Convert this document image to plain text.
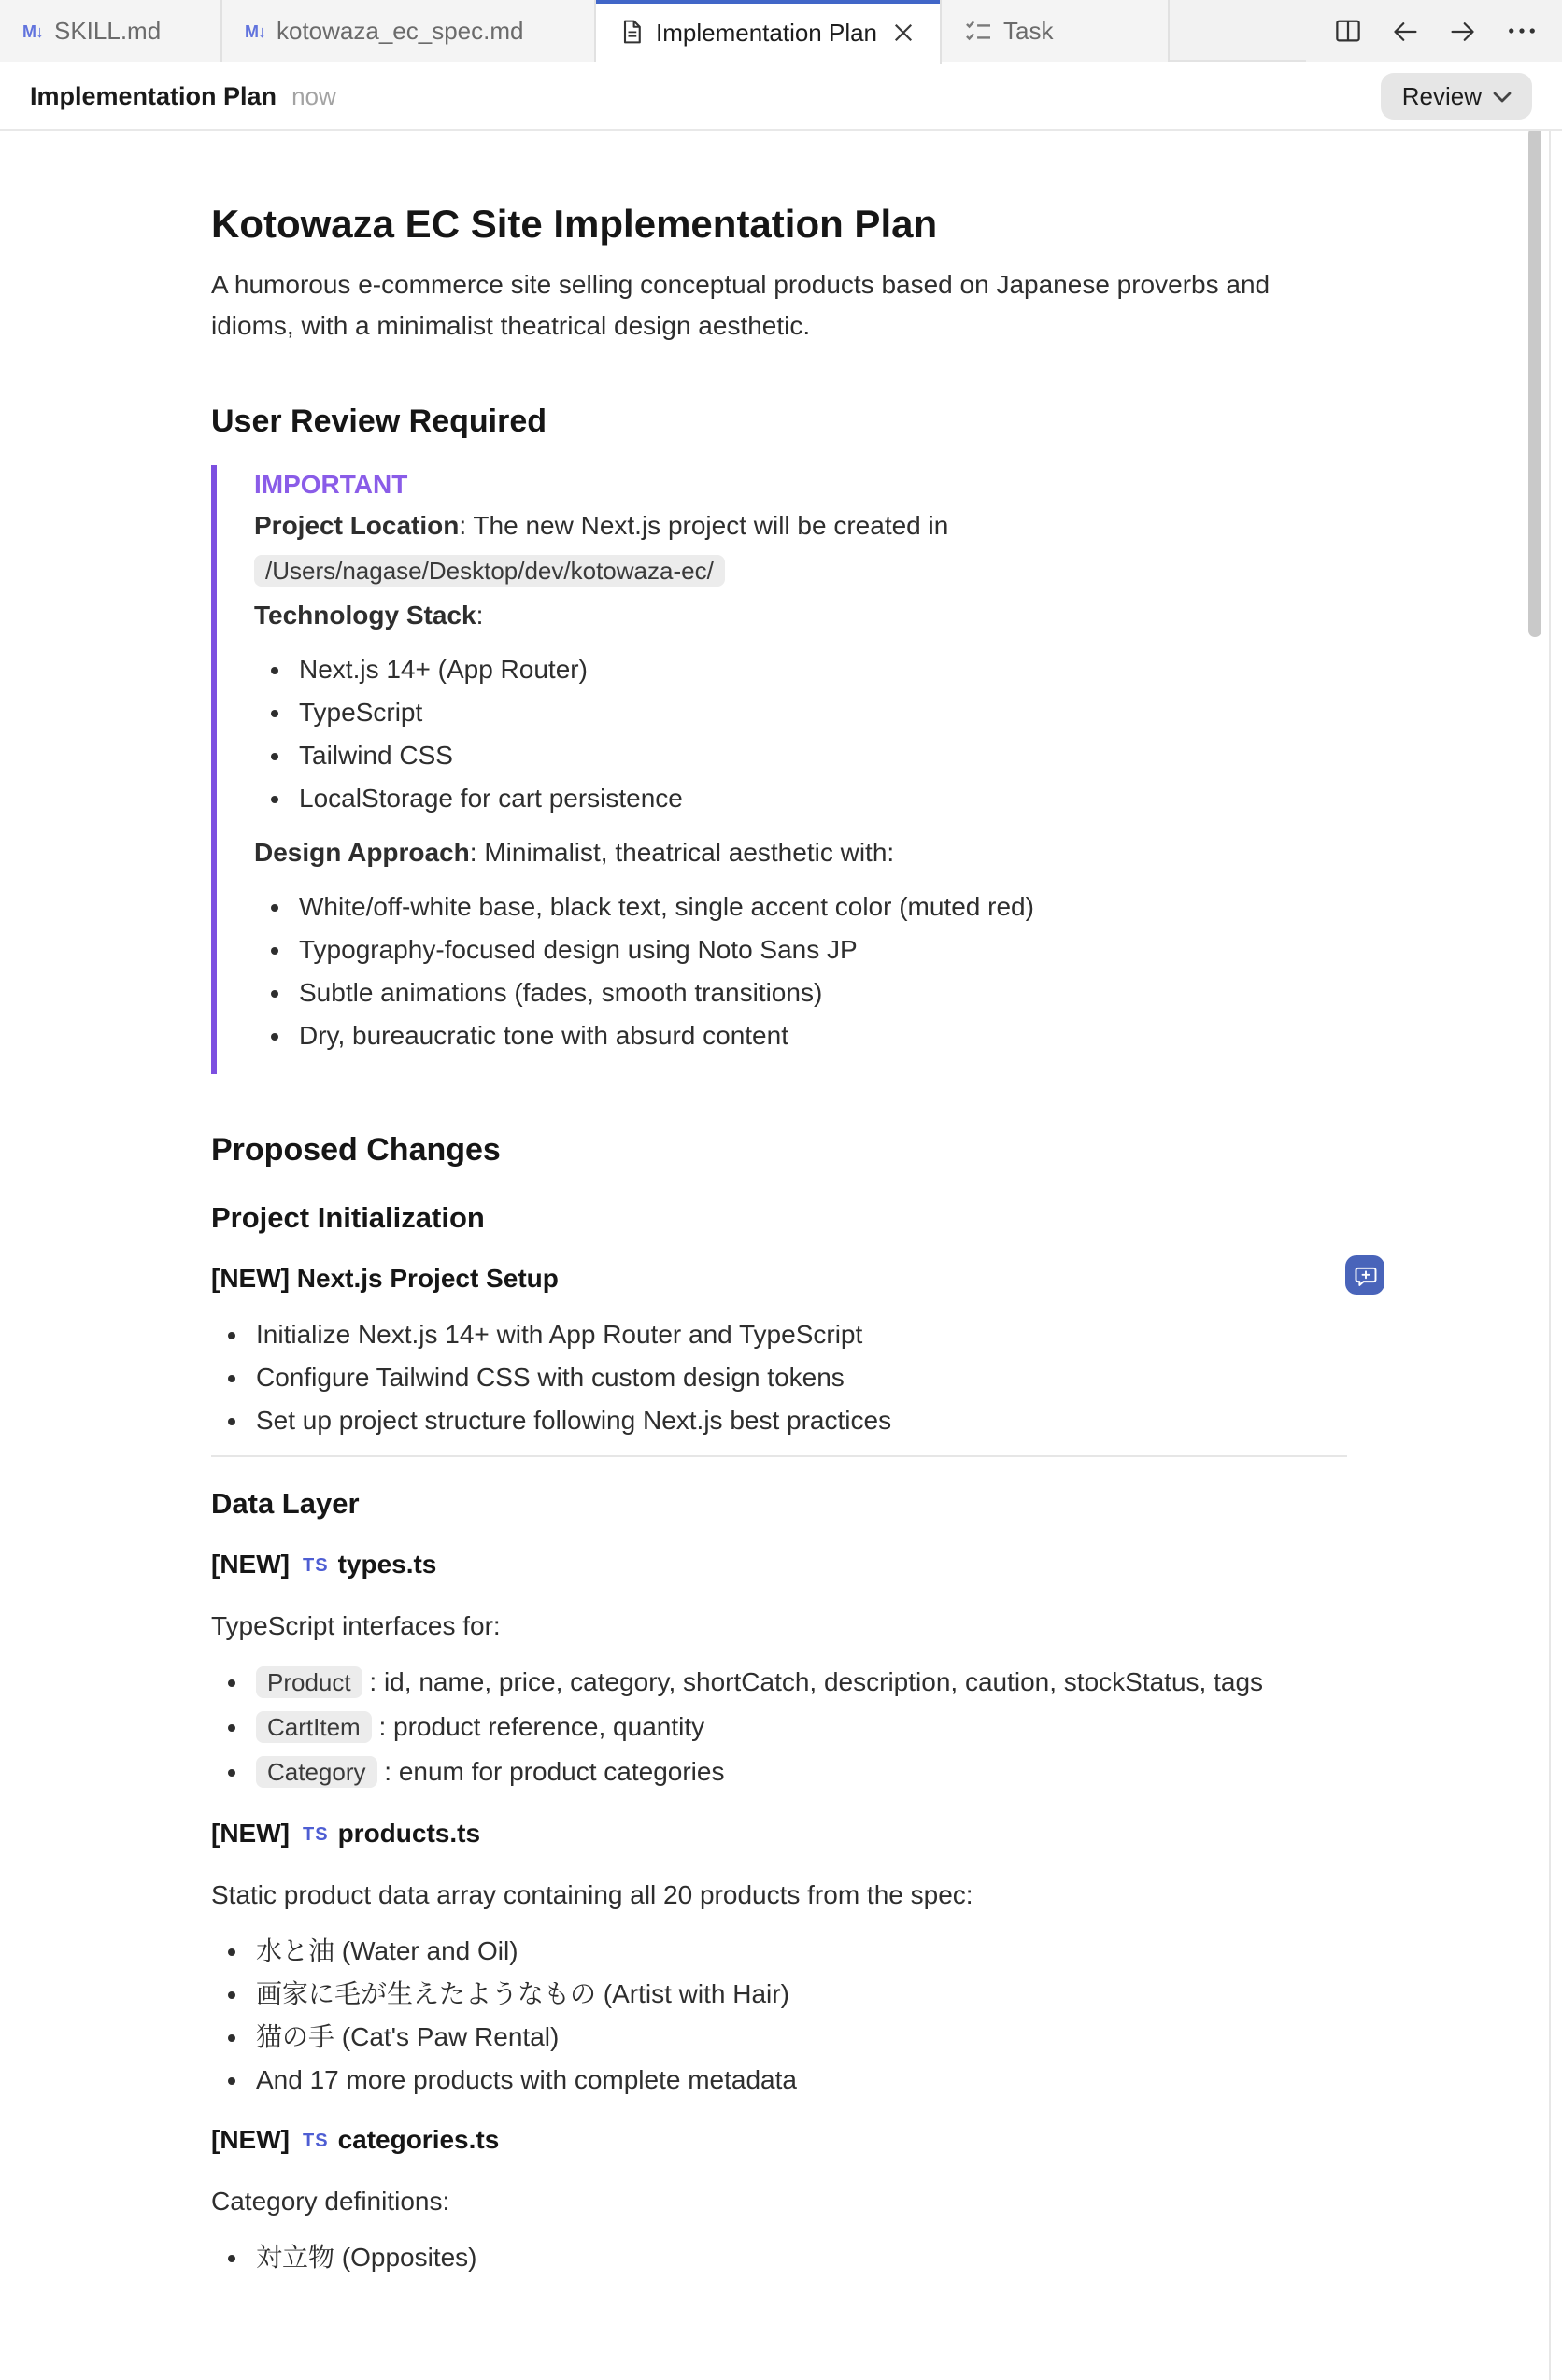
M↓ SKILL.md	M↓ kotowaza_ec_spec.md	Implementation Plan	Task
Implementation Plan now	Review
Kotowaza EC Site Implementation Plan

A humorous e-commerce site selling conceptual products based on Japanese proverbs and idioms, with a minimalist theatrical design aesthetic.

User Review Required
IMPORTANT

Project Location: The new Next.js project will be created in

/Users/nagase/Desktop/dev/kotowaza-ec/

Technology Stack:

• Next.js 14+ (App Router)
• TypeScript
• Tailwind CSS
• LocalStorage for cart persistence

Design Approach: Minimalist, theatrical aesthetic with:

• White/off-white base, black text, single accent color (muted red)
• Typography-focused design using Noto Sans JP
• Subtle animations (fades, smooth transitions)
• Dry, bureaucratic tone with absurd content
Proposed Changes
Project Initialization
[NEW] Next.js Project Setup
• Initialize Next.js 14+ with App Router and TypeScript
• Configure Tailwind CSS with custom design tokens
• Set up project structure following Next.js best practices
Data Layer
[NEW] TS types.ts

TypeScript interfaces for:

• Product : id, name, price, category, shortCatch, description, caution, stockStatus, tags
• CartItem : product reference, quantity
• Category : enum for product categories
[NEW] TS products.ts

Static product data array containing all 20 products from the spec:

• 水と油 (Water and Oil)
• 画家に毛が生えたようなもの (Artist with Hair)
• 猫の手 (Cat's Paw Rental)
• And 17 more products with complete metadata
[NEW] TS categories.ts

Category definitions:

• 対立物 (Opposites)
